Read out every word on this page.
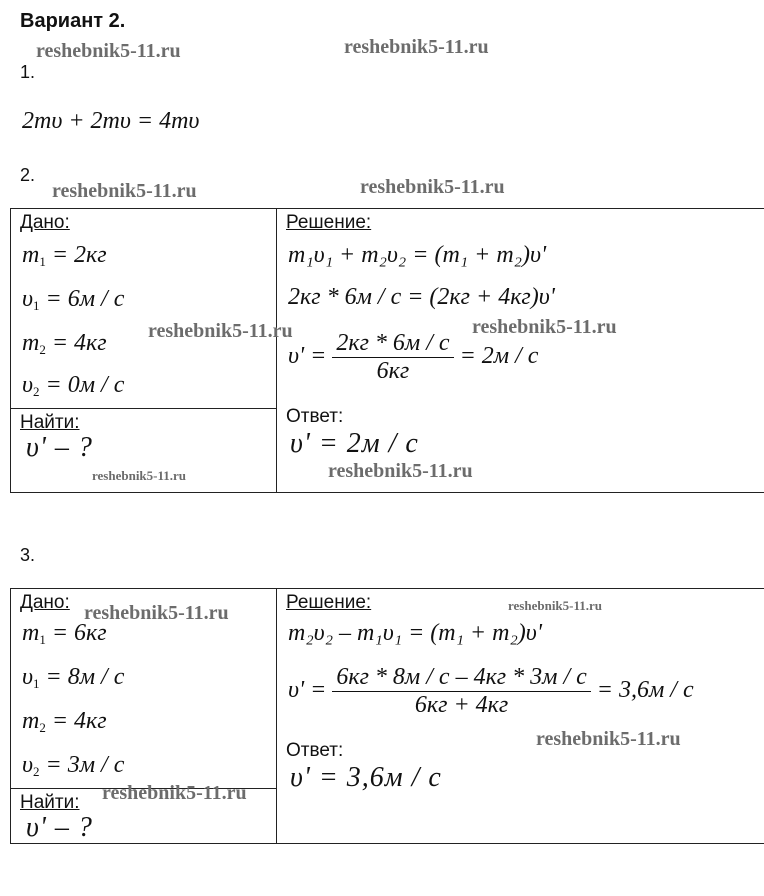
Вариант 2.
1.
2mυ + 2mυ = 4mυ
2.
Дано:
$m_1 = 2кг$
$\upsilon_1 = 6м / с$
$m_2 = 4кг$
$\upsilon_2 = 0м / с$
Найти:
υ' – ?
Решение:
m₁υ₁ + m₂υ₂ = (m₁ + m₂)υ'
2кг * 6м / с = (2кг + 4кг)υ'
$\upsilon' = \frac{2кг * 6м / с}{6кг} = 2м / с$
Ответ:
υ' = 2м / с
3.
Дано:
$m_1 = 6кг$
$\upsilon_1 = 8м / с$
$m_2 = 4кг$
$\upsilon_2 = 3м / с$
Найти:
υ' – ?
Решение:
m₂υ₂ – m₁υ₁ = (m₁ + m₂)υ'
$\upsilon' = \frac{6кг * 8м / с - 4кг * 3м / с}{6кг + 4кг} = 3,6м / с$
Ответ:
υ' = 3,6м / с
reshebnik5-11.ru	reshebnik5-11.ru
reshebnik5-11.ru	reshebnik5-11.ru
reshebnik5-11.ru	reshebnik5-11.ru
reshebnik5-11.ru	reshebnik5-11.ru
reshebnik5-11.ru	reshebnik5-11.ru
reshebnik5-11.ru
reshebnik5-11.ru
